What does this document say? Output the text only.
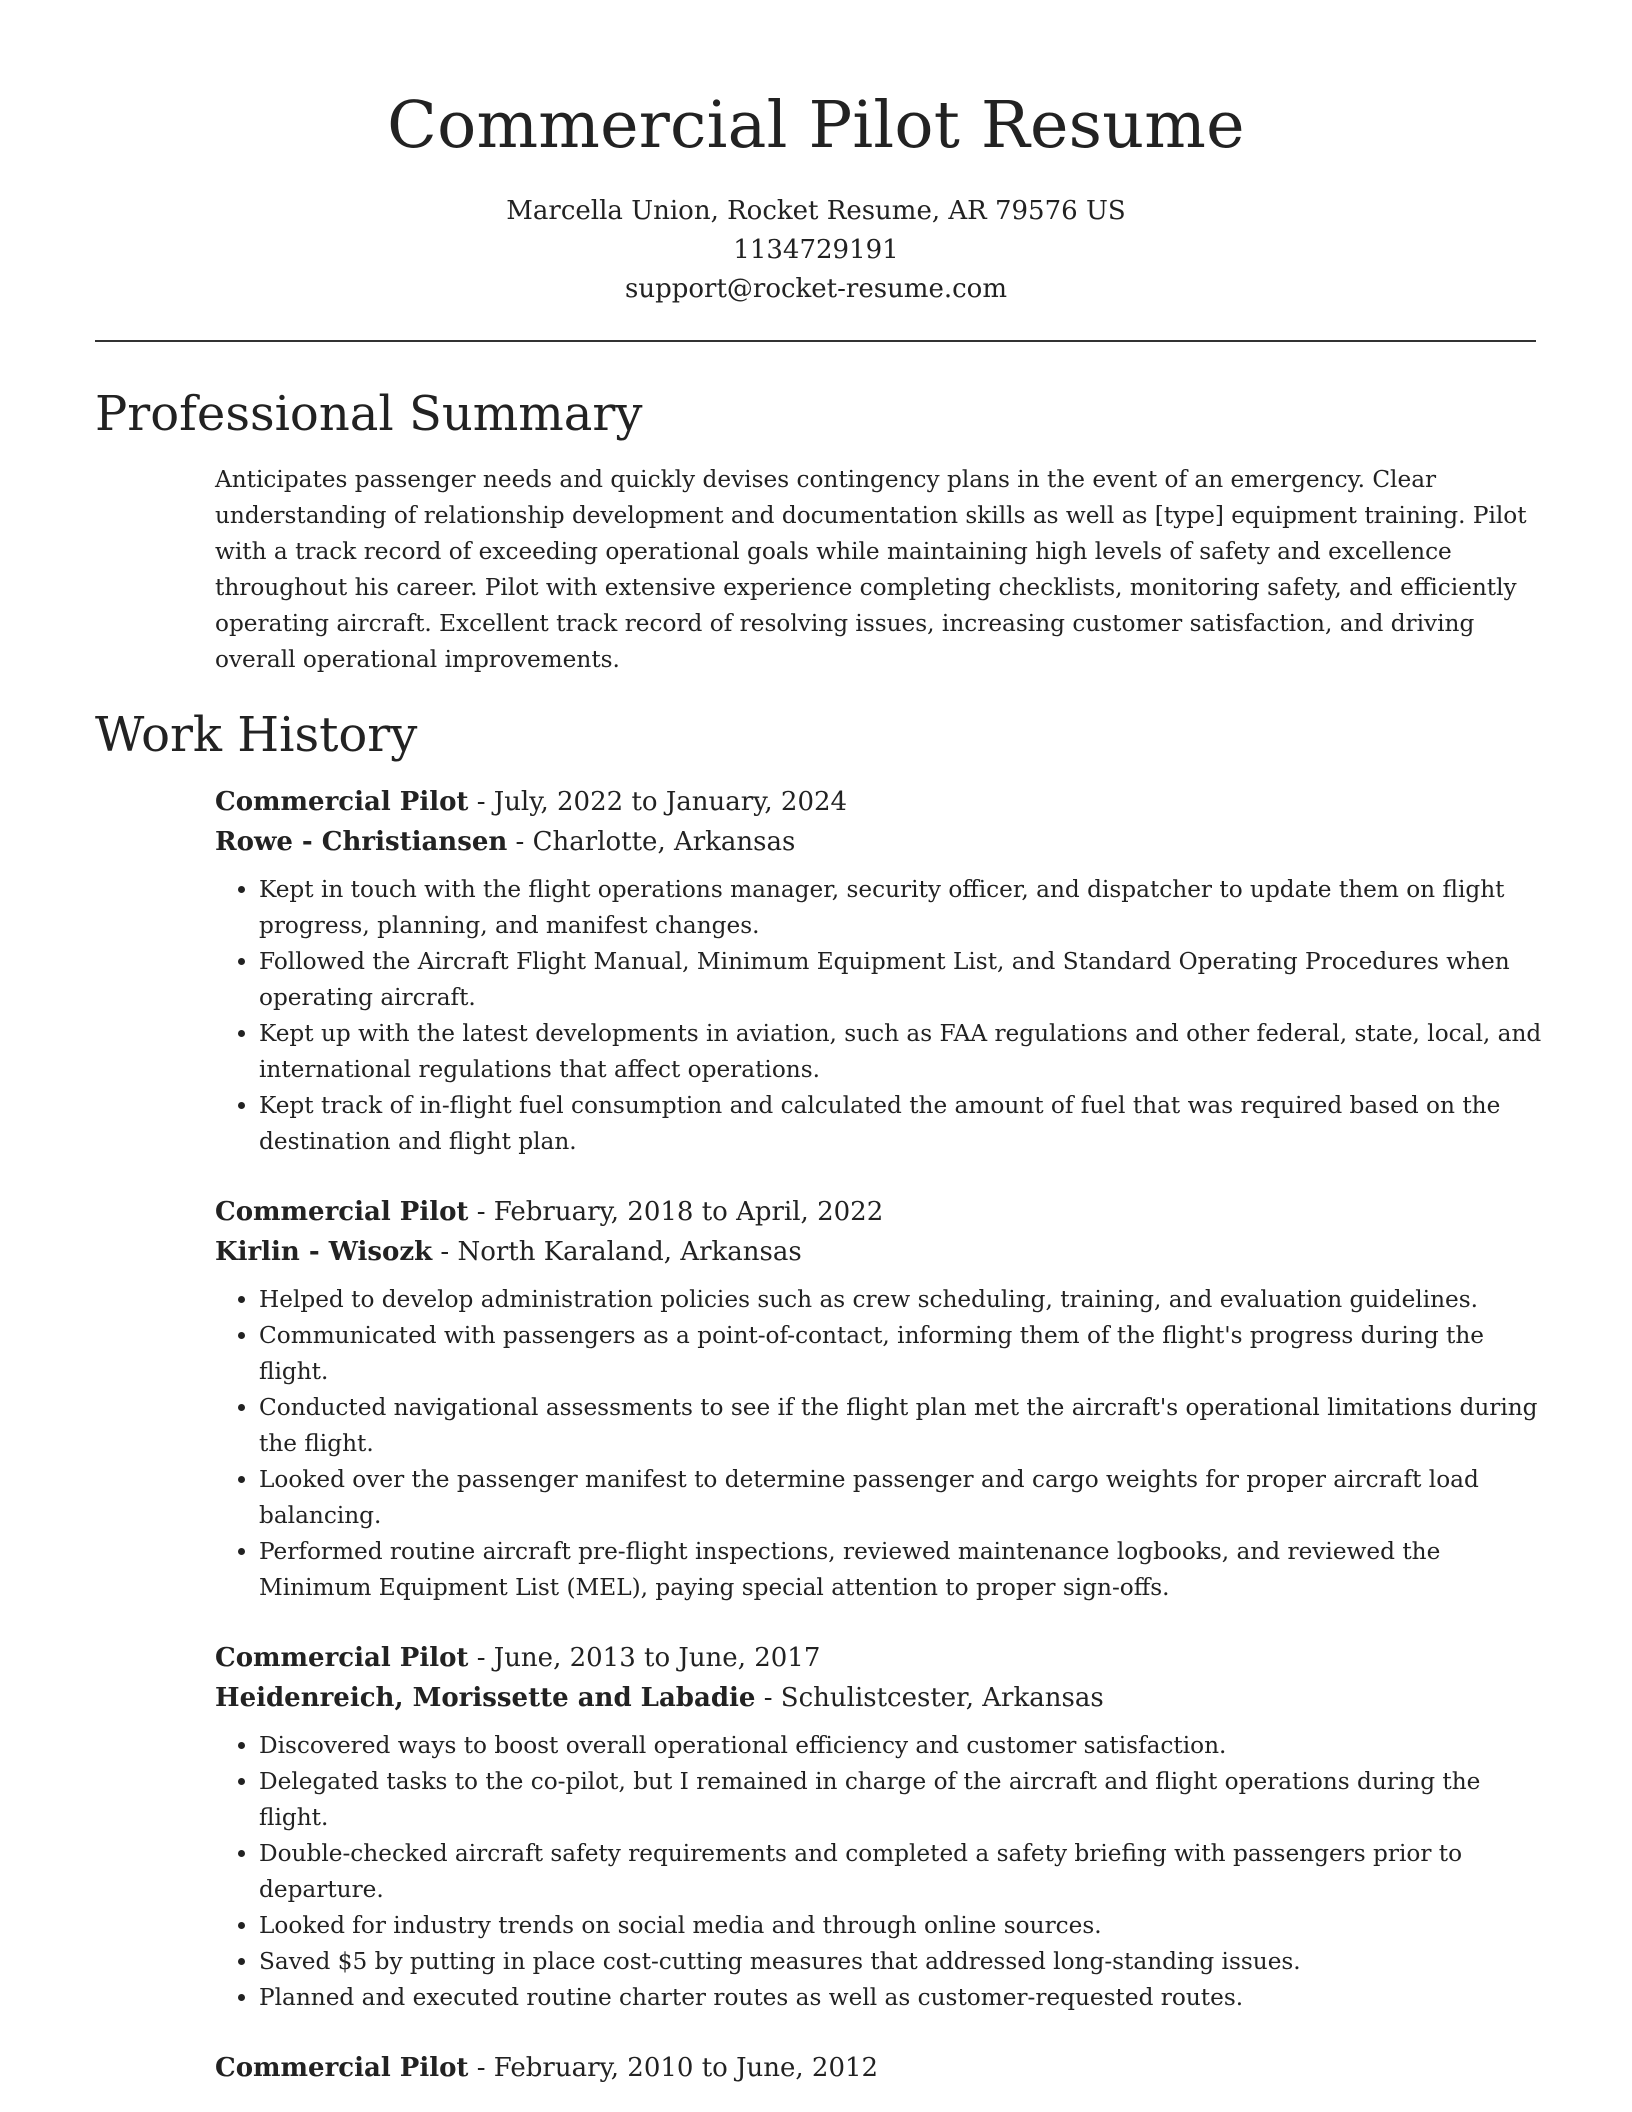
Commercial Pilot Resume
Marcella Union, Rocket Resume, AR 79576 US
1134729191
support@rocket-resume.com
Professional Summary
Anticipates passenger needs and quickly devises contingency plans in the event of an emergency. Clear understanding of relationship development and documentation skills as well as [type] equipment training. Pilot with a track record of exceeding operational goals while maintaining high levels of safety and excellence throughout his career. Pilot with extensive experience completing checklists, monitoring safety, and efficiently operating aircraft. Excellent track record of resolving issues, increasing customer satisfaction, and driving overall operational improvements.
Work History
Commercial Pilot - July, 2022 to January, 2024
Rowe - Christiansen - Charlotte, Arkansas
• Kept in touch with the flight operations manager, security officer, and dispatcher to update them on flight progress, planning, and manifest changes.
• Followed the Aircraft Flight Manual, Minimum Equipment List, and Standard Operating Procedures when operating aircraft.
• Kept up with the latest developments in aviation, such as FAA regulations and other federal, state, local, and international regulations that affect operations.
• Kept track of in-flight fuel consumption and calculated the amount of fuel that was required based on the destination and flight plan.
Commercial Pilot - February, 2018 to April, 2022
Kirlin - Wisozk - North Karaland, Arkansas
• Helped to develop administration policies such as crew scheduling, training, and evaluation guidelines.
• Communicated with passengers as a point-of-contact, informing them of the flight's progress during the flight.
• Conducted navigational assessments to see if the flight plan met the aircraft's operational limitations during the flight.
• Looked over the passenger manifest to determine passenger and cargo weights for proper aircraft load balancing.
• Performed routine aircraft pre-flight inspections, reviewed maintenance logbooks, and reviewed the Minimum Equipment List (MEL), paying special attention to proper sign-offs.
Commercial Pilot - June, 2013 to June, 2017
Heidenreich, Morissette and Labadie - Schulistcester, Arkansas
• Discovered ways to boost overall operational efficiency and customer satisfaction.
• Delegated tasks to the co-pilot, but I remained in charge of the aircraft and flight operations during the flight.
• Double-checked aircraft safety requirements and completed a safety briefing with passengers prior to departure.
• Looked for industry trends on social media and through online sources.
• Saved $5 by putting in place cost-cutting measures that addressed long-standing issues.
• Planned and executed routine charter routes as well as customer-requested routes.
Commercial Pilot - February, 2010 to June, 2012
